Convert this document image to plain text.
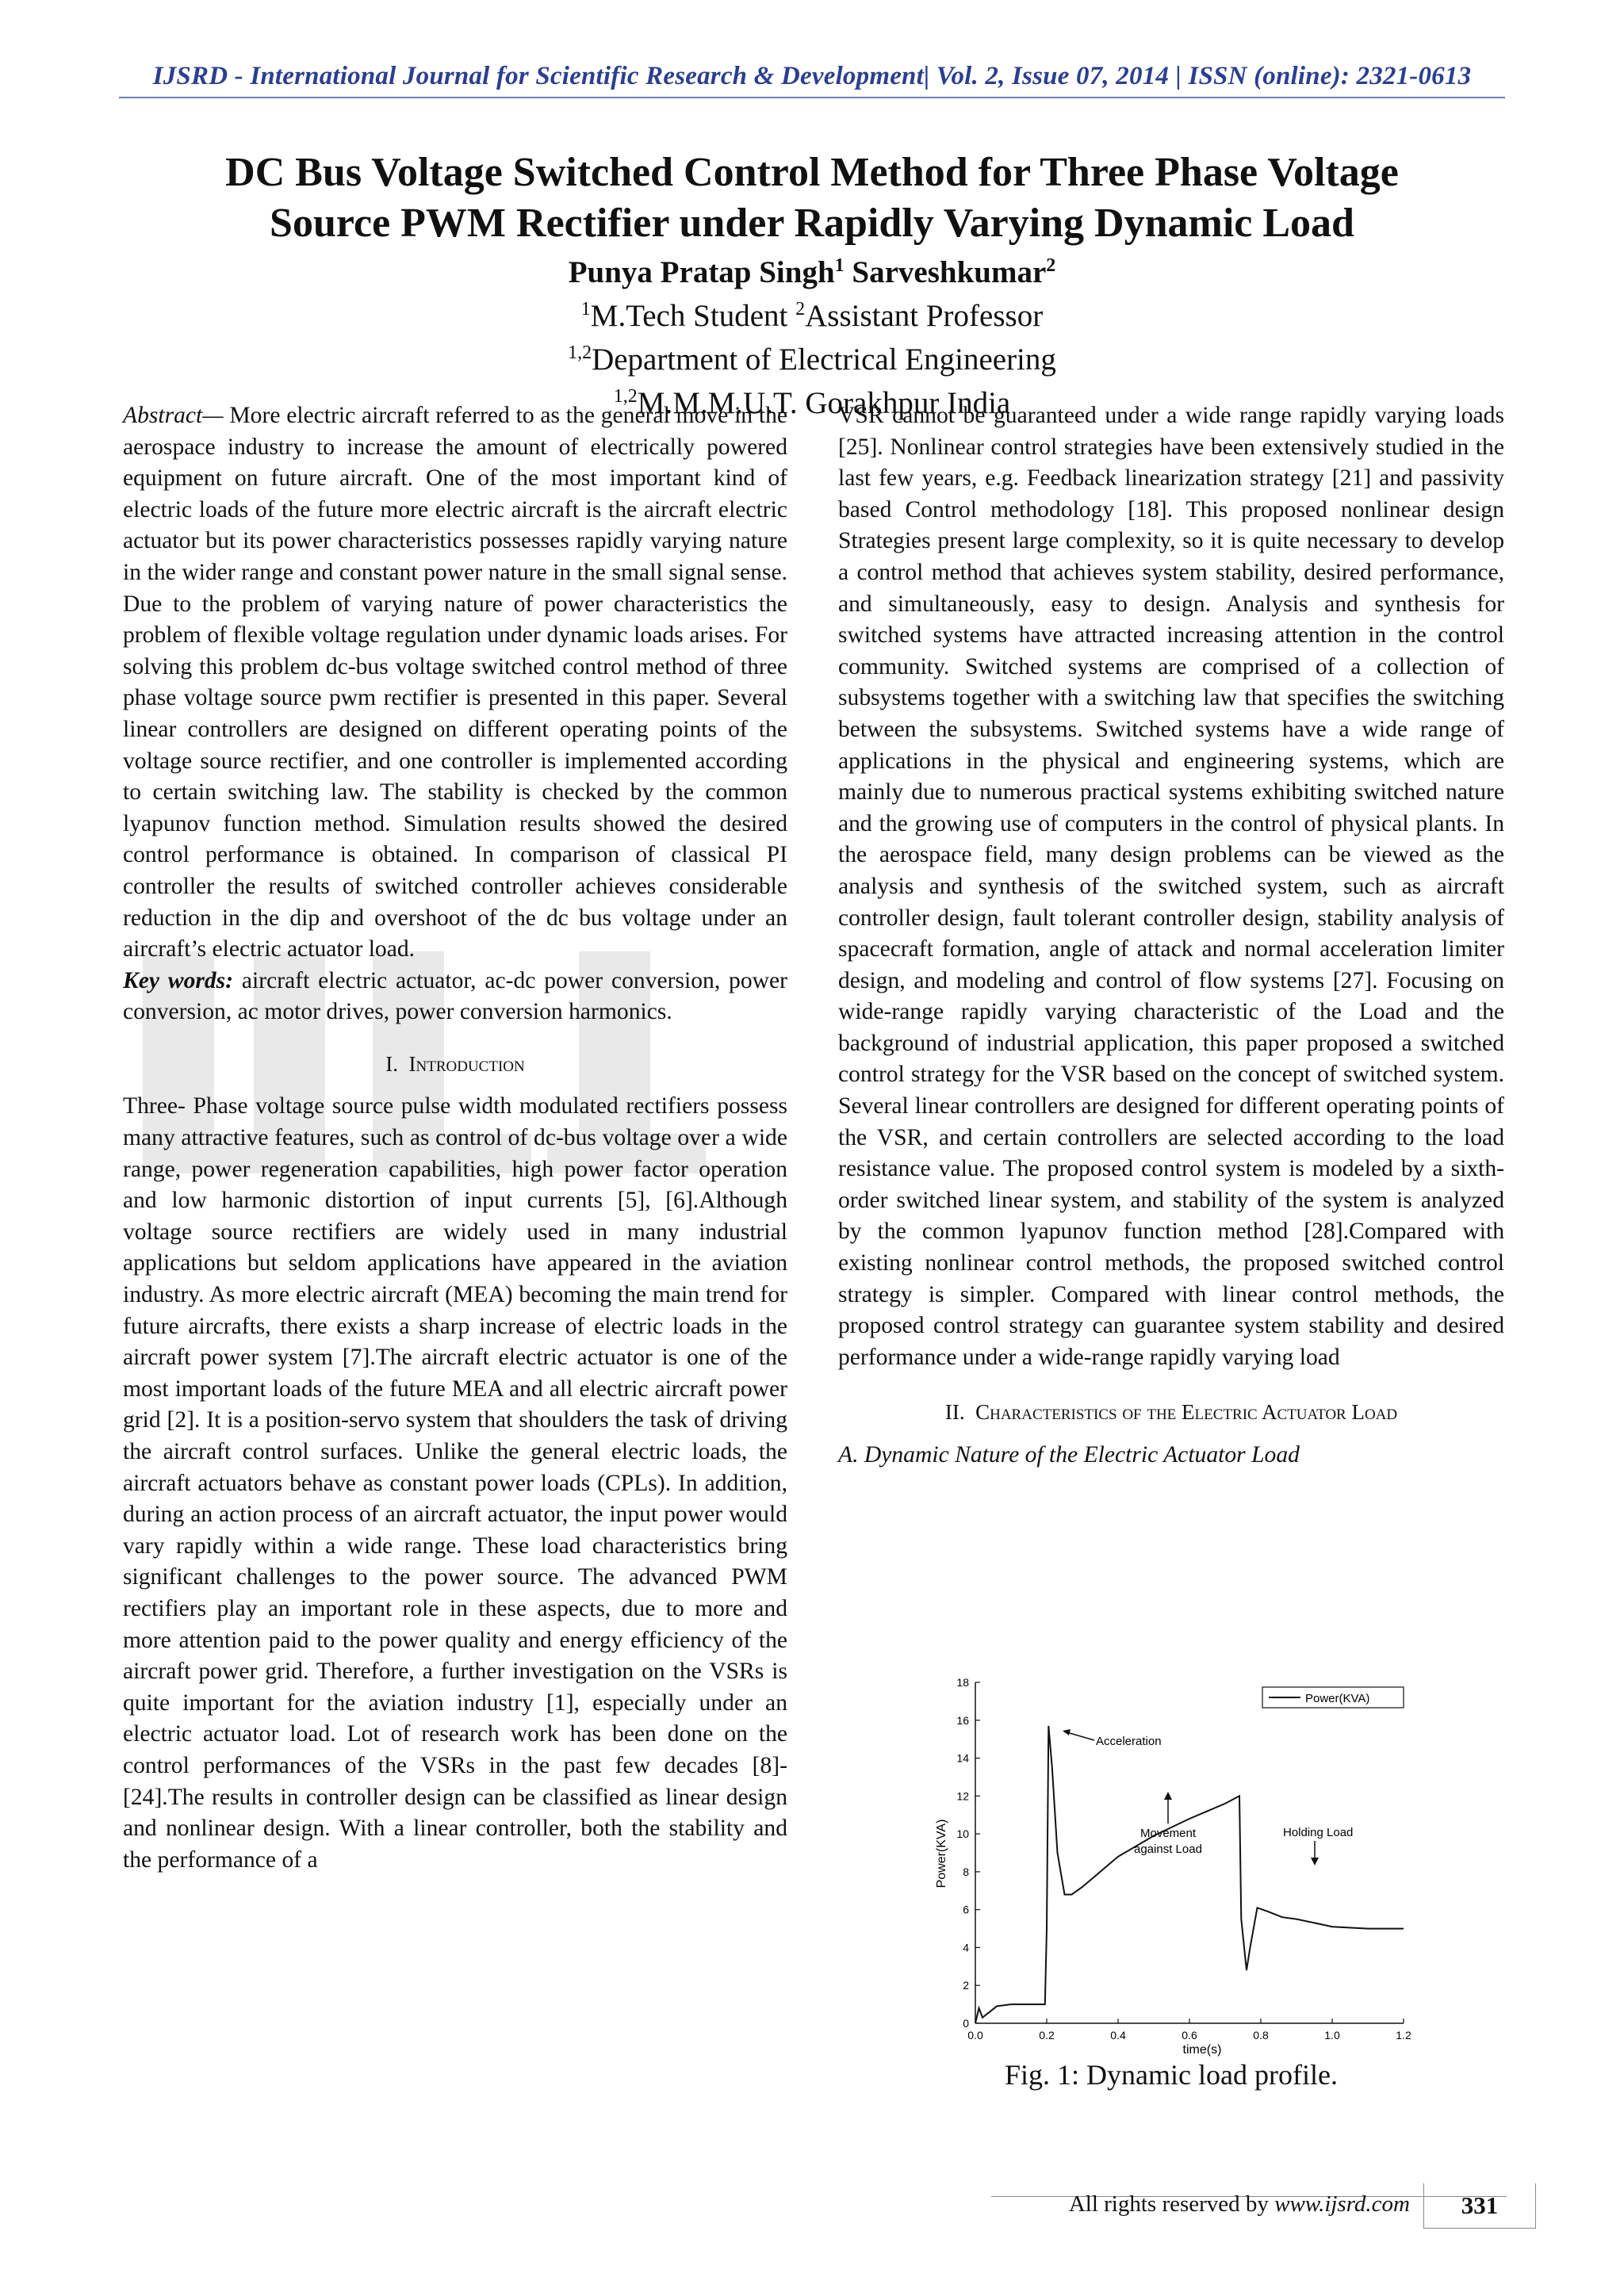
IJSRD - International Journal for Scientific Research & Development| Vol. 2, Issue 07, 2014 | ISSN (online): 2321-0613
DC Bus Voltage Switched Control Method for Three Phase Voltage
Source PWM Rectifier under Rapidly Varying Dynamic Load
Punya Pratap Singh$^1$ Sarveshkumar$^2$
$^1$M.Tech Student $^2$Assistant Professor
$^{1,2}$Department of Electrical Engineering
$^{1,2}$M.M.M.U.T. Gorakhpur India

Abstract— More electric aircraft referred to as the general move in the aerospace industry to increase the amount of electrically powered equipment on future aircraft. One of the most important kind of electric loads of the future more electric aircraft is the aircraft electric actuator but its power characteristics possesses rapidly varying nature in the wider range and constant power nature in the small signal sense. Due to the problem of varying nature of power characteristics the problem of flexible voltage regulation under dynamic loads arises. For solving this problem dc-bus voltage switched control method of three phase voltage source pwm rectifier is presented in this paper. Several linear controllers are designed on different operating points of the voltage source rectifier, and one controller is implemented according to certain switching law. The stability is checked by the common lyapunov function method. Simulation results showed the desired control performance is obtained. In comparison of classical PI controller the results of switched controller achieves considerable reduction in the dip and overshoot of the dc bus voltage under an aircraft’s electric actuator load.

Key words: aircraft electric actuator, ac-dc power conversion, power conversion, ac motor drives, power conversion harmonics.

I. Introduction

Three- Phase voltage source pulse width modulated rectifiers possess many attractive features, such as control of dc-bus voltage over a wide range, power regeneration capabilities, high power factor operation and low harmonic distortion of input currents [5], [6].Although voltage source rectifiers are widely used in many industrial applications but seldom applications have appeared in the aviation industry. As more electric aircraft (MEA) becoming the main trend for future aircrafts, there exists a sharp increase of electric loads in the aircraft power system [7].The aircraft electric actuator is one of the most important loads of the future MEA and all electric aircraft power grid [2]. It is a position-servo system that shoulders the task of driving the aircraft control surfaces. Unlike the general electric loads, the aircraft actuators behave as constant power loads (CPLs). In addition, during an action process of an aircraft actuator, the input power would vary rapidly within a wide range. These load characteristics bring significant challenges to the power source. The advanced PWM rectifiers play an important role in these aspects, due to more and more attention paid to the power quality and energy efficiency of the aircraft power grid. Therefore, a further investigation on the VSRs is quite important for the aviation industry [1], especially under an electric actuator load. Lot of research work has been done on the control performances of the VSRs in the past few decades [8]-[24].The results in controller design can be classified as linear design and nonlinear design. With a linear controller, both the stability and the performance of a

VSR cannot be guaranteed under a wide range rapidly varying loads [25]. Nonlinear control strategies have been extensively studied in the last few years, e.g. Feedback linearization strategy [21] and passivity based Control methodology [18]. This proposed nonlinear design Strategies present large complexity, so it is quite necessary to develop a control method that achieves system stability, desired performance, and simultaneously, easy to design. Analysis and synthesis for switched systems have attracted increasing attention in the control community. Switched systems are comprised of a collection of subsystems together with a switching law that specifies the switching between the subsystems. Switched systems have a wide range of applications in the physical and engineering systems, which are mainly due to numerous practical systems exhibiting switched nature and the growing use of computers in the control of physical plants. In the aerospace field, many design problems can be viewed as the analysis and synthesis of the switched system, such as aircraft controller design, fault tolerant controller design, stability analysis of spacecraft formation, angle of attack and normal acceleration limiter design, and modeling and control of flow systems [27]. Focusing on wide-range rapidly varying characteristic of the Load and the background of industrial application, this paper proposed a switched control strategy for the VSR based on the concept of switched system. Several linear controllers are designed for different operating points of the VSR, and certain controllers are selected according to the load resistance value. The proposed control system is modeled by a sixth-order switched linear system, and stability of the system is analyzed by the common lyapunov function method [28].Compared with existing nonlinear control methods, the proposed switched control strategy is simpler. Compared with linear control methods, the proposed control strategy can guarantee system stability and desired performance under a wide-range rapidly varying load

II. Characteristics of the Electric Actuator Load

A. Dynamic Nature of the Electric Actuator Load

0
2
4
6
8
10
12
14
16
18
0.0	0.2	0.4	0.6	0.8	1.0	1.2
Power(KVA)
Acceleration
Movement
against Load
Holding Load
time(s)
Power(KVA)
Fig. 1: Dynamic load profile.
All rights reserved by www.ijsrd.com	331
